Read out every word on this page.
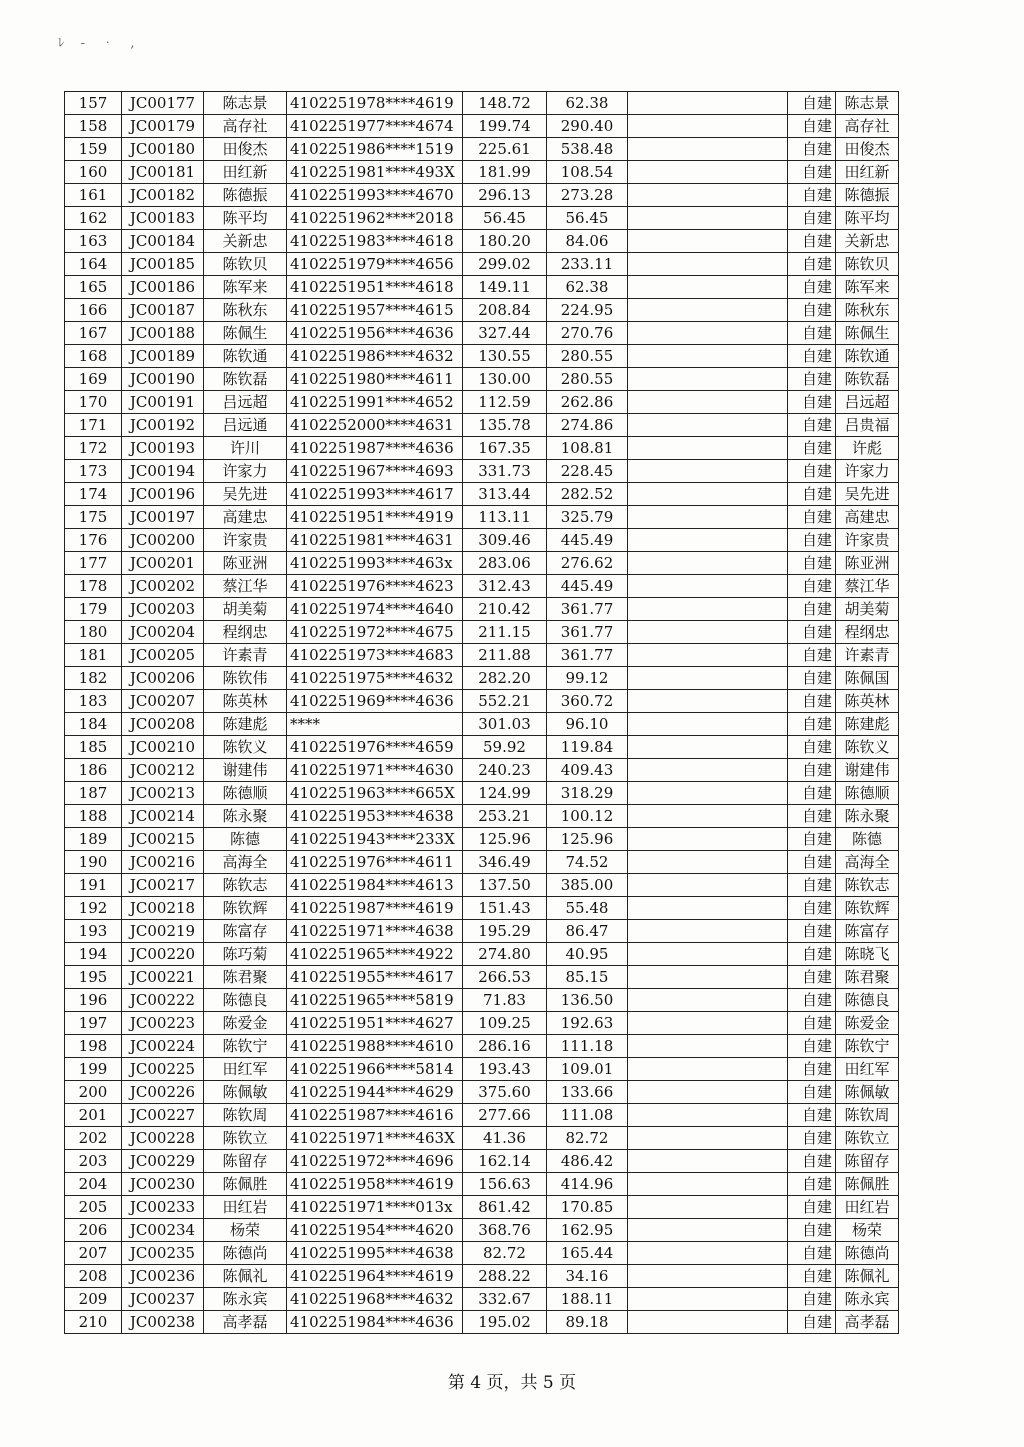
ﾚ ‐ ‧ ‚
157	JC00177	陈志景	4102251978****4619	148.72	62.38		自建	陈志景
158	JC00179	高存社	4102251977****4674	199.74	290.40		自建	高存社
159	JC00180	田俊杰	4102251986****1519	225.61	538.48		自建	田俊杰
160	JC00181	田红新	4102251981****493X	181.99	108.54		自建	田红新
161	JC00182	陈德振	4102251993****4670	296.13	273.28		自建	陈德振
162	JC00183	陈平均	4102251962****2018	56.45	56.45		自建	陈平均
163	JC00184	关新忠	4102251983****4618	180.20	84.06		自建	关新忠
164	JC00185	陈钦贝	4102251979****4656	299.02	233.11		自建	陈钦贝
165	JC00186	陈军来	4102251951****4618	149.11	62.38		自建	陈军来
166	JC00187	陈秋东	4102251957****4615	208.84	224.95		自建	陈秋东
167	JC00188	陈佩生	4102251956****4636	327.44	270.76		自建	陈佩生
168	JC00189	陈钦通	4102251986****4632	130.55	280.55		自建	陈钦通
169	JC00190	陈钦磊	4102251980****4611	130.00	280.55		自建	陈钦磊
170	JC00191	吕远超	4102251991****4652	112.59	262.86		自建	吕远超
171	JC00192	吕远通	4102252000****4631	135.78	274.86		自建	吕贵福
172	JC00193	许川	4102251987****4636	167.35	108.81		自建	许彪
173	JC00194	许家力	4102251967****4693	331.73	228.45		自建	许家力
174	JC00196	吴先进	4102251993****4617	313.44	282.52		自建	吴先进
175	JC00197	高建忠	4102251951****4919	113.11	325.79		自建	高建忠
176	JC00200	许家贵	4102251981****4631	309.46	445.49		自建	许家贵
177	JC00201	陈亚洲	4102251993****463x	283.06	276.62		自建	陈亚洲
178	JC00202	蔡江华	4102251976****4623	312.43	445.49		自建	蔡江华
179	JC00203	胡美菊	4102251974****4640	210.42	361.77		自建	胡美菊
180	JC00204	程纲忠	4102251972****4675	211.15	361.77		自建	程纲忠
181	JC00205	许素青	4102251973****4683	211.88	361.77		自建	许素青
182	JC00206	陈钦伟	4102251975****4632	282.20	99.12		自建	陈佩国
183	JC00207	陈英林	4102251969****4636	552.21	360.72		自建	陈英林
184	JC00208	陈建彪	****	301.03	96.10		自建	陈建彪
185	JC00210	陈钦义	4102251976****4659	59.92	119.84		自建	陈钦义
186	JC00212	谢建伟	4102251971****4630	240.23	409.43		自建	谢建伟
187	JC00213	陈德顺	4102251963****665X	124.99	318.29		自建	陈德顺
188	JC00214	陈永聚	4102251953****4638	253.21	100.12		自建	陈永聚
189	JC00215	陈德	4102251943****233X	125.96	125.96		自建	陈德
190	JC00216	高海全	4102251976****4611	346.49	74.52		自建	高海全
191	JC00217	陈钦志	4102251984****4613	137.50	385.00		自建	陈钦志
192	JC00218	陈钦辉	4102251987****4619	151.43	55.48		自建	陈钦辉
193	JC00219	陈富存	4102251971****4638	195.29	86.47		自建	陈富存
194	JC00220	陈巧菊	4102251965****4922	274.80	40.95		自建	陈晓飞
195	JC00221	陈君聚	4102251955****4617	266.53	85.15		自建	陈君聚
196	JC00222	陈德良	4102251965****5819	71.83	136.50		自建	陈德良
197	JC00223	陈爱金	4102251951****4627	109.25	192.63		自建	陈爱金
198	JC00224	陈钦宁	4102251988****4610	286.16	111.18		自建	陈钦宁
199	JC00225	田红军	4102251966****5814	193.43	109.01		自建	田红军
200	JC00226	陈佩敏	4102251944****4629	375.60	133.66		自建	陈佩敏
201	JC00227	陈钦周	4102251987****4616	277.66	111.08		自建	陈钦周
202	JC00228	陈钦立	4102251971****463X	41.36	82.72		自建	陈钦立
203	JC00229	陈留存	4102251972****4696	162.14	486.42		自建	陈留存
204	JC00230	陈佩胜	4102251958****4619	156.63	414.96		自建	陈佩胜
205	JC00233	田红岩	4102251971****013x	861.42	170.85		自建	田红岩
206	JC00234	杨荣	4102251954****4620	368.76	162.95		自建	杨荣
207	JC00235	陈德尚	4102251995****4638	82.72	165.44		自建	陈德尚
208	JC00236	陈佩礼	4102251964****4619	288.22	34.16		自建	陈佩礼
209	JC00237	陈永宾	4102251968****4632	332.67	188.11		自建	陈永宾
210	JC00238	高孝磊	4102251984****4636	195.02	89.18		自建	高孝磊
第 4 页，共 5 页
